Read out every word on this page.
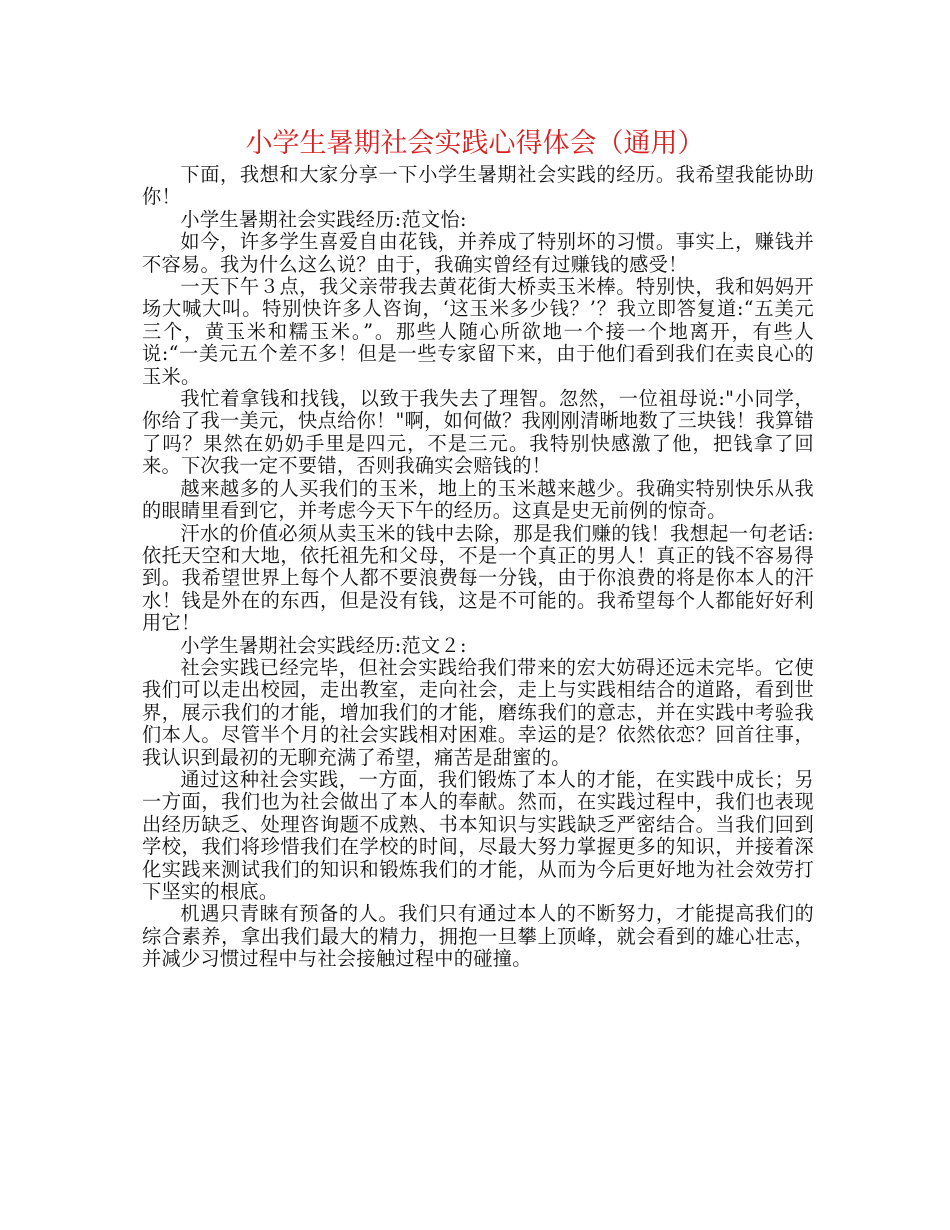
小学生暑期社会实践心得体会（通用）

下面，我想和大家分享一下小学生暑期社会实践的经历。我希望我能协助你！

小学生暑期社会实践经历:范文怡:

如今，许多学生喜爱自由花钱，并养成了特别坏的习惯。事实上，赚钱并不容易。我为什么这么说？由于，我确实曾经有过赚钱的感受！

一天下午３点，我父亲带我去黄花街大桥卖玉米棒。特别快，我和妈妈开场大喊大叫。特别快许多人咨询，‘这玉米多少钱？’？我立即答复道:“五美元三个，黄玉米和糯玉米。”。那些人随心所欲地一个接一个地离开，有些人说:“一美元五个差不多！但是一些专家留下来，由于他们看到我们在卖良心的玉米。

我忙着拿钱和找钱，以致于我失去了理智。忽然，一位祖母说:"小同学，你给了我一美元，快点给你！"啊，如何做？我刚刚清晰地数了三块钱！我算错了吗？果然在奶奶手里是四元，不是三元。我特别快感激了他，把钱拿了回来。下次我一定不要错，否则我确实会赔钱的！

越来越多的人买我们的玉米，地上的玉米越来越少。我确实特别快乐从我的眼睛里看到它，并考虑今天下午的经历。这真是史无前例的惊奇。

汗水的价值必须从卖玉米的钱中去除，那是我们赚的钱！我想起一句老话:依托天空和大地，依托祖先和父母，不是一个真正的男人！真正的钱不容易得到。我希望世界上每个人都不要浪费每一分钱，由于你浪费的将是你本人的汗水！钱是外在的东西，但是没有钱，这是不可能的。我希望每个人都能好好利用它！

小学生暑期社会实践经历:范文２:

社会实践已经完毕，但社会实践给我们带来的宏大妨碍还远未完毕。它使我们可以走出校园，走出教室，走向社会，走上与实践相结合的道路，看到世界，展示我们的才能，增加我们的才能，磨练我们的意志，并在实践中考验我们本人。尽管半个月的社会实践相对困难。幸运的是？依然依恋？回首往事，我认识到最初的无聊充满了希望，痛苦是甜蜜的。

通过这种社会实践，一方面，我们锻炼了本人的才能，在实践中成长；另一方面，我们也为社会做出了本人的奉献。然而，在实践过程中，我们也表现出经历缺乏、处理咨询题不成熟、书本知识与实践缺乏严密结合。当我们回到学校，我们将珍惜我们在学校的时间，尽最大努力掌握更多的知识，并接着深化实践来测试我们的知识和锻炼我们的才能，从而为今后更好地为社会效劳打下坚实的根底。

机遇只青睐有预备的人。我们只有通过本人的不断努力，才能提高我们的综合素养，拿出我们最大的精力，拥抱一旦攀上顶峰，就会看到的雄心壮志，并减少习惯过程中与社会接触过程中的碰撞。
